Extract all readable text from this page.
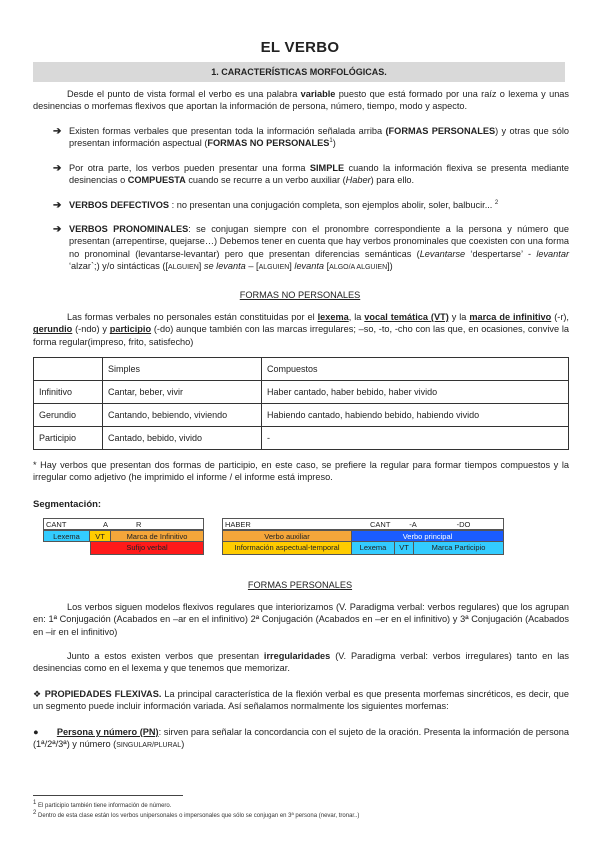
EL VERBO
1. CARACTERÍSTICAS MORFOLÓGICAS.
Desde el punto de vista formal el verbo es una palabra variable puesto que está formado por una raíz o lexema y unas desinencias o morfemas flexivos que aportan la información de persona, número, tiempo, modo y aspecto.
➔ Existen formas verbales que presentan toda la información señalada arriba (FORMAS PERSONALES) y otras que sólo presentan información aspectual (FORMAS NO PERSONALES$^1$)
➔ Por otra parte, los verbos pueden presentar una forma SIMPLE cuando la información flexiva se presenta mediante desinencias o COMPUESTA cuando se recurre a un verbo auxiliar (Haber) para ello.
➔ VERBOS DEFECTIVOS : no presentan una conjugación completa, son ejemplos abolir, soler, balbucir... $^2$
➔ VERBOS PRONOMINALES: se conjugan siempre con el pronombre correspondiente a la persona y número que presentan (arrepentirse, quejarse…) Debemos tener en cuenta que hay verbos pronominales que coexisten con una forma no pronominal (levantarse-levantar) pero que presentan diferencias semánticas (Levantarse ‘despertarse’ - levantar ‘alzar`;) y/o sintácticas ([ALGUIEN] se levanta – [ALGUIEN] levanta [ALGO/A ALGUIEN])
FORMAS NO PERSONALES
Las formas verbales no personales están constituidas por el lexema, la vocal temática (VT) y la marca de infinitivo (-r), gerundio (-ndo) y participio (-do) aunque también con las marcas irregulares; –so, -to, -cho con las que, en ocasiones, convive la forma regular(impreso, frito, satisfecho)
	Simples	Compuestos
Infinitivo	Cantar, beber, vivir	Haber cantado, haber bebido, haber vivido
Gerundio	Cantando, bebiendo, viviendo	Habiendo cantado, habiendo bebido, habiendo vivido
Participio	Cantado, bebido, vivido	-
* Hay verbos que presentan dos formas de participio, en este caso, se prefiere la regular para formar tiempos compuestos y la irregular como adjetivo (he imprimido el informe / el informe está impreso.
Segmentación:
CANT	A	R
Lexema	VT	Marca de Infinitivo
Sufijo verbal
HABER	CANT	-A	-DO
Verbo auxiliar	Verbo principal
Información aspectual-temporal	Lexema	VT	Marca Participio
FORMAS PERSONALES
Los verbos siguen modelos flexivos regulares que interiorizamos (V. Paradigma verbal: verbos regulares) que los agrupan en: 1ª Conjugación (Acabados en –ar en el infinitivo) 2ª Conjugación (Acabados en –er en el infinitivo) y 3ª Conjugación (Acabados en –ir en el infinitivo)
Junto a estos existen verbos que presentan irregularidades (V. Paradigma verbal: verbos irregulares) tanto en las desinencias como en el lexema y que tenemos que memorizar.
❖ PROPIEDADES FLEXIVAS. La principal característica de la flexión verbal es que presenta morfemas sincréticos, es decir, que un segmento puede incluir información variada. Así señalamos normalmente los siguientes morfemas:
● Persona y número (PN): sirven para señalar la concordancia con el sujeto de la oración. Presenta la información de persona (1ª/2ª/3ª) y número (SINGULAR/PLURAL)
$^1$ El participio también tiene información de número.
$^2$ Dentro de esta clase están los verbos unipersonales o impersonales que sólo se conjugan en 3ª persona (nevar, tronar..)
